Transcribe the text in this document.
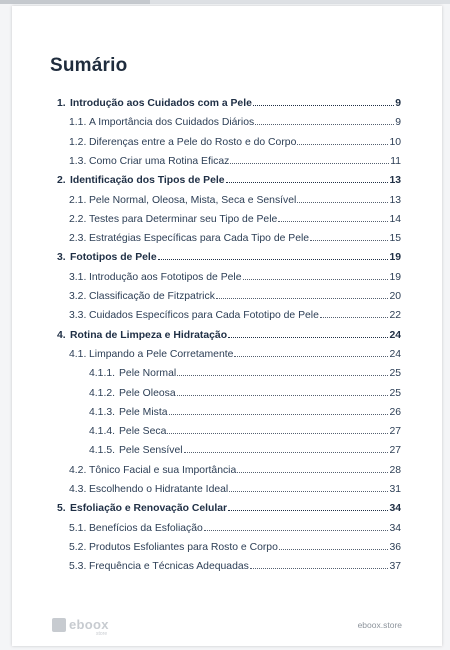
Sumário
1. Introdução aos Cuidados com a Pele	9
1.1. A Importância dos Cuidados Diários	9
1.2. Diferenças entre a Pele do Rosto e do Corpo	10
1.3. Como Criar uma Rotina Eficaz	11
2. Identificação dos Tipos de Pele	13
2.1. Pele Normal, Oleosa, Mista, Seca e Sensível	13
2.2. Testes para Determinar seu Tipo de Pele	14
2.3. Estratégias Específicas para Cada Tipo de Pele	15
3. Fototipos de Pele	19
3.1. Introdução aos Fototipos de Pele	19
3.2. Classificação de Fitzpatrick	20
3.3. Cuidados Específicos para Cada Fototipo de Pele	22
4. Rotina de Limpeza e Hidratação	24
4.1. Limpando a Pele Corretamente	24
4.1.1. Pele Normal	25
4.1.2. Pele Oleosa	25
4.1.3. Pele Mista	26
4.1.4. Pele Seca	27
4.1.5. Pele Sensível	27
4.2. Tônico Facial e sua Importância	28
4.3. Escolhendo o Hidratante Ideal	31
5. Esfoliação e Renovação Celular	34
5.1. Benefícios da Esfoliação	34
5.2. Produtos Esfoliantes para Rosto e Corpo	36
5.3. Frequência e Técnicas Adequadas	37
eboox
store
eboox.store
